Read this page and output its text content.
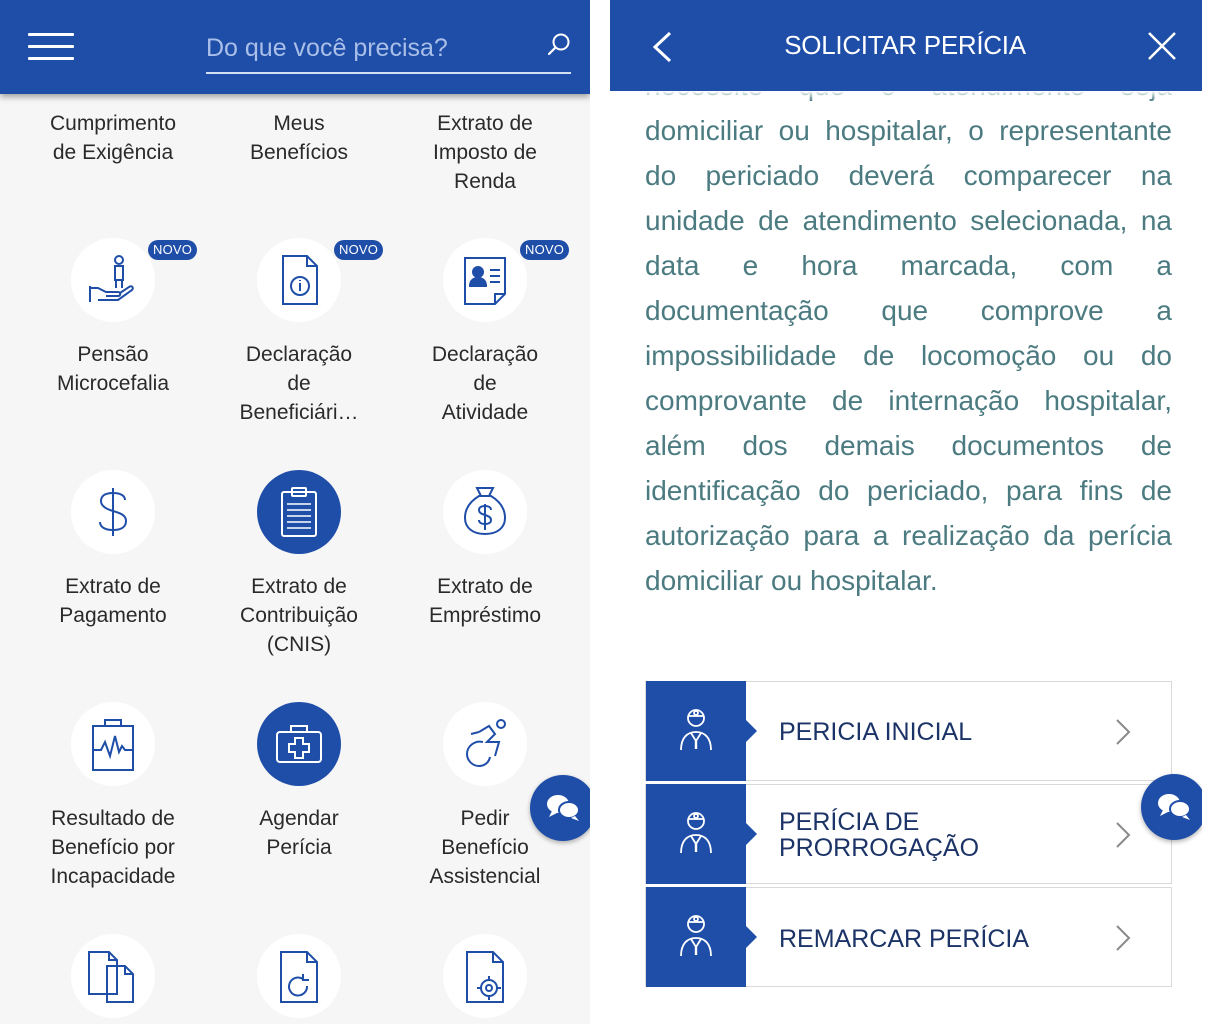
Do que você precisa?
Cumprimento
de Exigência
Meus
Benefícios
Extrato de
Imposto de
Renda
NOVO
Pensão
Microcefalia
NOVO
Declaração
de
Beneficiári…
NOVO
Declaração
de
Atividade
Extrato de
Pagamento
Extrato de
Contribuição
(CNIS)
Extrato de
Empréstimo
Resultado de
Benefício por
Incapacidade
Agendar
Perícia
Pedir
Benefício
Assistencial
SOLICITAR PERÍCIA
domiciliar ou hospitalar, o representante do periciado deverá comparecer na unidade de atendimento selecionada, na data e hora marcada, com a documentação que comprove a impossibilidade de locomoção ou do comprovante de internação hospitalar, além dos demais documentos de identificação do periciado, para fins de autorização para a realização da perícia domiciliar ou hospitalar.
PERICIA INICIAL
PERÍCIA DE PRORROGAÇÃO
REMARCAR PERÍCIA
